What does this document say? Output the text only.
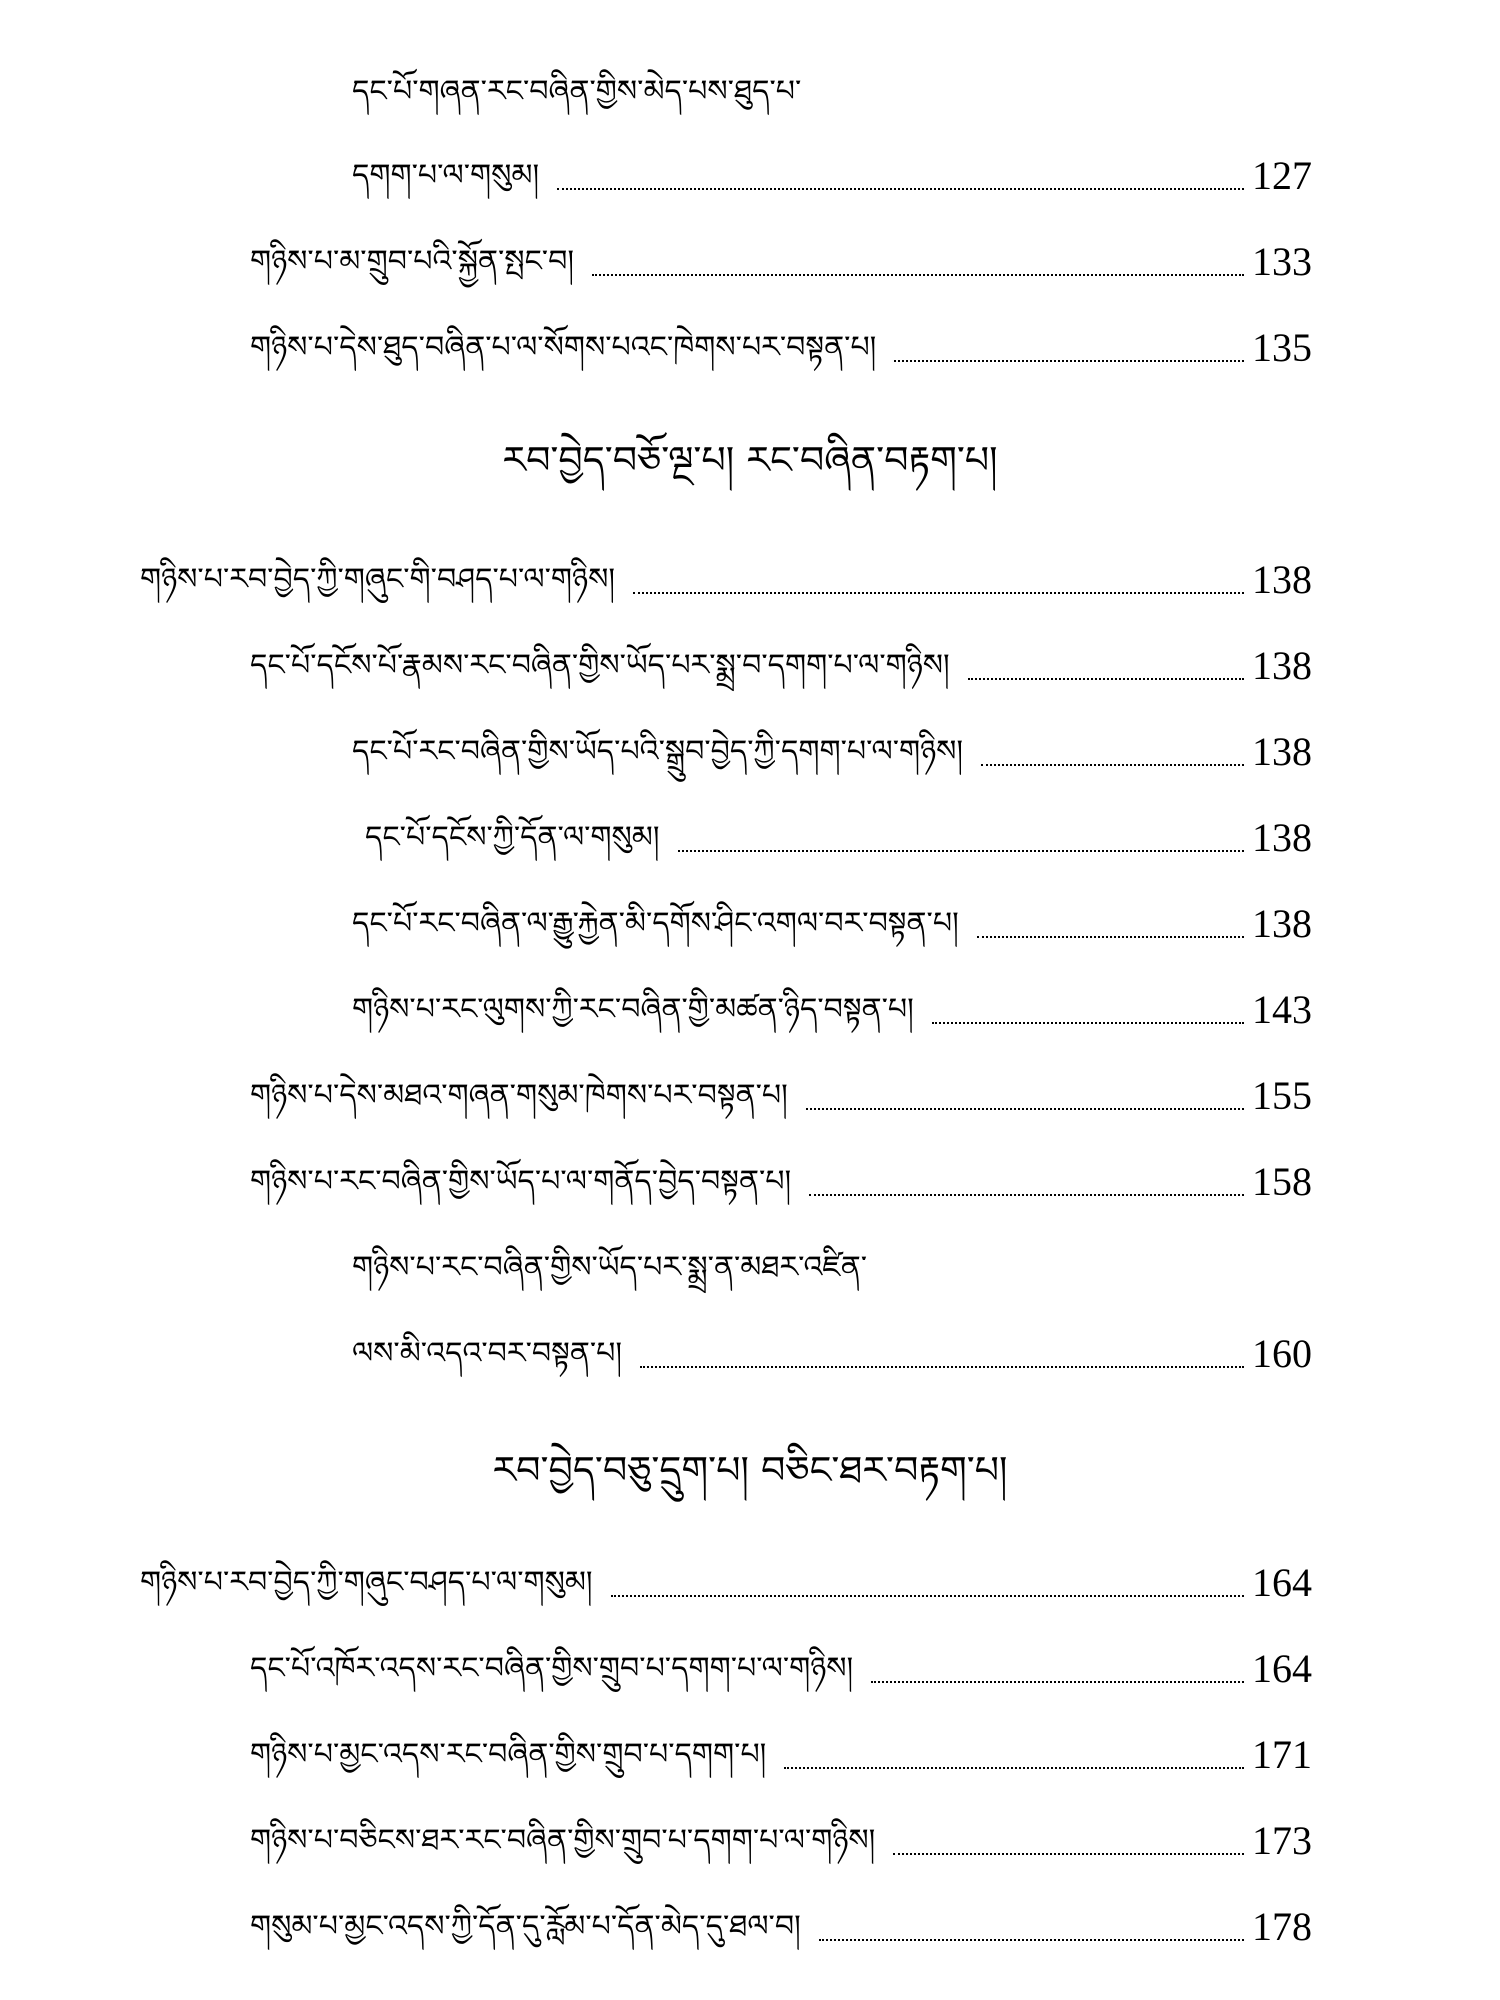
དང་པོ་གཞན་རང་བཞིན་གྱིས་མེད་པས་ཐུད་པ་
དགག་པ་ལ་གསུམ།	127
གཉིས་པ་མ་གྲུབ་པའི་སྐྱོན་སྤང་བ།	133
གཉིས་པ་དེས་ཐུད་བཞིན་པ་ལ་སོགས་པའང་ཁེགས་པར་བསྟན་པ།	135
རབ་བྱེད་བཅོ་ལྔ་པ། རང་བཞིན་བརྟག་པ།
གཉིས་པ་རབ་བྱེད་ཀྱི་གཞུང་གི་བཤད་པ་ལ་གཉིས།	138
དང་པོ་དངོས་པོ་རྣམས་རང་བཞིན་གྱིས་ཡོད་པར་སྨྲ་བ་དགག་པ་ལ་གཉིས།	138
དང་པོ་རང་བཞིན་གྱིས་ཡོད་པའི་སྒྲུབ་བྱེད་ཀྱི་དགག་པ་ལ་གཉིས།	138
དང་པོ་དངོས་ཀྱི་དོན་ལ་གསུམ།	138
དང་པོ་རང་བཞིན་ལ་རྒྱུ་རྐྱེན་མི་དགོས་ཤིང་འགལ་བར་བསྟན་པ།	138
གཉིས་པ་རང་ལུགས་ཀྱི་རང་བཞིན་གྱི་མཚན་ཉིད་བསྟན་པ།	143
གཉིས་པ་དེས་མཐའ་གཞན་གསུམ་ཁེགས་པར་བསྟན་པ།	155
གཉིས་པ་རང་བཞིན་གྱིས་ཡོད་པ་ལ་གནོད་བྱེད་བསྟན་པ།	158
གཉིས་པ་རང་བཞིན་གྱིས་ཡོད་པར་སྨྲ་ན་མཐར་འཛིན་
ལས་མི་འདའ་བར་བསྟན་པ།	160
རབ་བྱེད་བཅུ་དྲུག་པ། བཅིང་ཐར་བརྟག་པ།
གཉིས་པ་རབ་བྱེད་ཀྱི་གཞུང་བཤད་པ་ལ་གསུམ།	164
དང་པོ་འཁོར་འདས་རང་བཞིན་གྱིས་གྲུབ་པ་དགག་པ་ལ་གཉིས།	164
གཉིས་པ་མྱང་འདས་རང་བཞིན་གྱིས་གྲུབ་པ་དགག་པ།	171
གཉིས་པ་བཅིངས་ཐར་རང་བཞིན་གྱིས་གྲུབ་པ་དགག་པ་ལ་གཉིས།	173
གསུམ་པ་མྱང་འདས་ཀྱི་དོན་དུ་རློམ་པ་དོན་མེད་དུ་ཐལ་བ།	178
